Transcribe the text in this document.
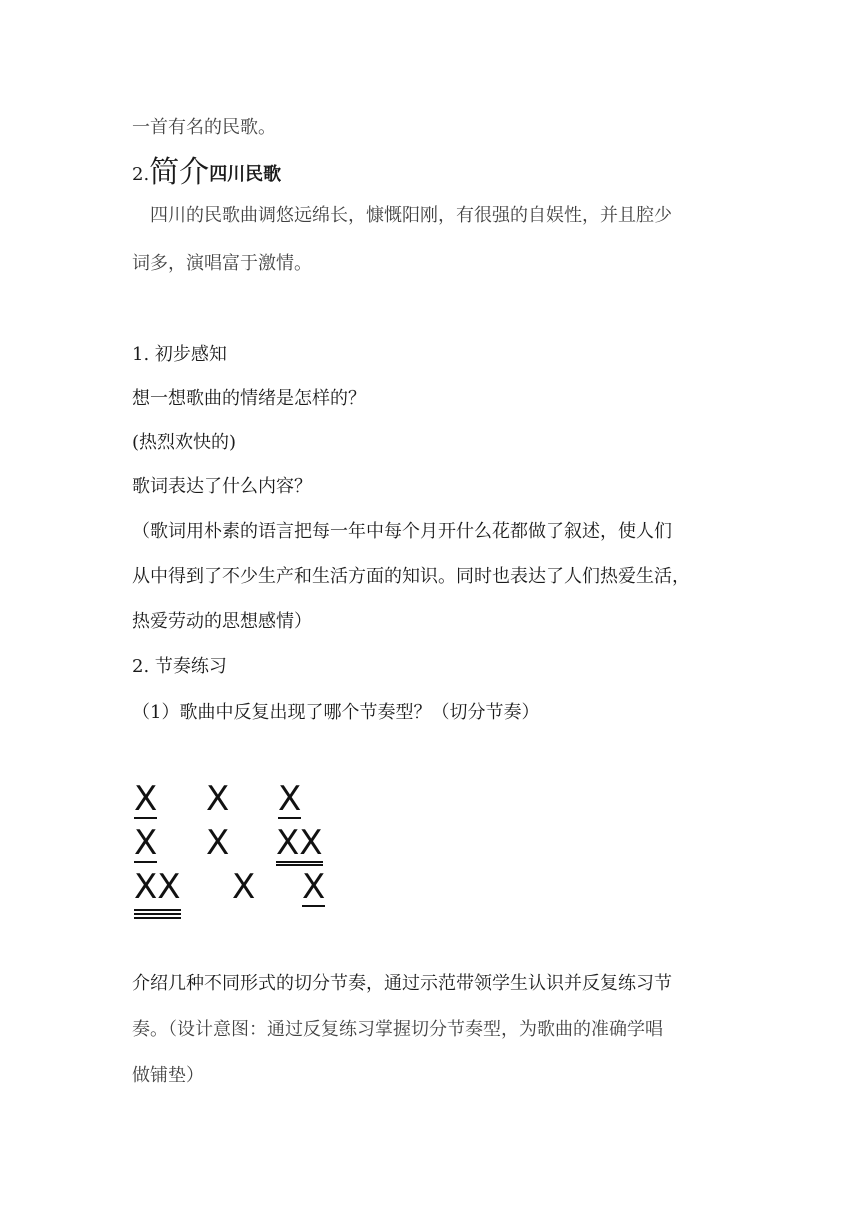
一首有名的民歌。
2.简介四川民歌
　四川的民歌曲调悠远绵长，慷慨阳刚，有很强的自娱性，并且腔少
词多，演唱富于激情。
1. 初步感知
想一想歌曲的情绪是怎样的？
(热烈欢快的)
歌词表达了什么内容？
（歌词用朴素的语言把每一年中每个月开什么花都做了叙述，使人们
从中得到了不少生产和生活方面的知识。同时也表达了人们热爱生活，
热爱劳动的思想感情）
2. 节奏练习
（1）歌曲中反复出现了哪个节奏型？（切分节奏）
X X X
X X XX
XX X X
介绍几种不同形式的切分节奏，通过示范带领学生认识并反复练习节
奏。（设计意图：通过反复练习掌握切分节奏型，为歌曲的准确学唱
做铺垫）
